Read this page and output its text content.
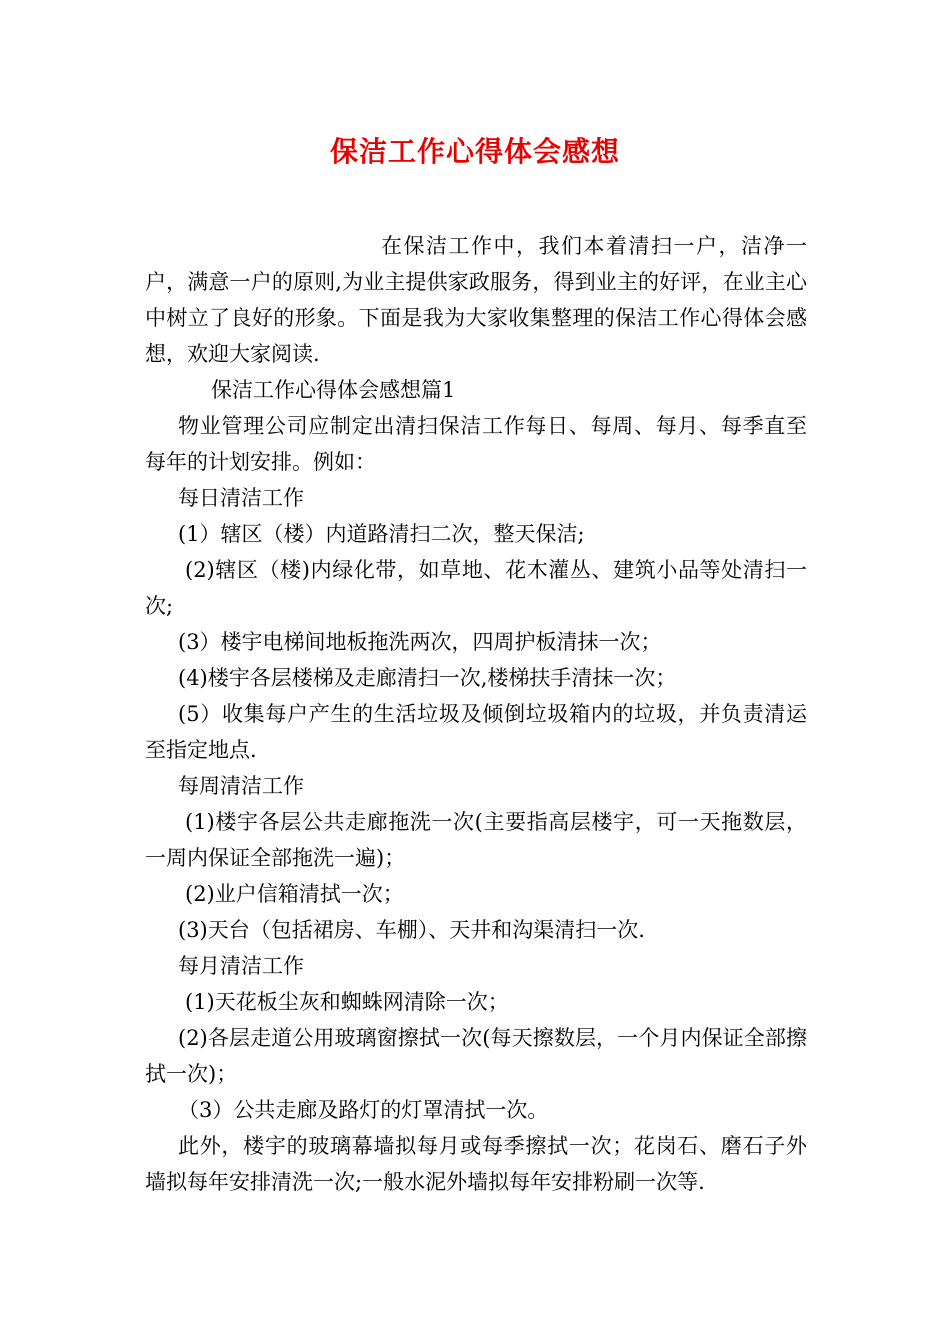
保洁工作心得体会感想

在保洁工作中，我们本着清扫一户，洁净一户，满意一户的原则,为业主提供家政服务，得到业主的好评，在业主心中树立了良好的形象。下面是我为大家收集整理的保洁工作心得体会感想，欢迎大家阅读.

保洁工作心得体会感想篇1

物业管理公司应制定出清扫保洁工作每日、每周、每月、每季直至每年的计划安排。例如：

每日清洁工作

(1）辖区（楼）内道路清扫二次，整天保洁;

(2)辖区（楼)内绿化带，如草地、花木灌丛、建筑小品等处清扫一次;

(3）楼宇电梯间地板拖洗两次，四周护板清抹一次；

(4)楼宇各层楼梯及走廊清扫一次,楼梯扶手清抹一次；

(5）收集每户产生的生活垃圾及倾倒垃圾箱内的垃圾，并负责清运至指定地点.

每周清洁工作

(1)楼宇各层公共走廊拖洗一次(主要指高层楼宇，可一天拖数层，一周内保证全部拖洗一遍)；

(2)业户信箱清拭一次；

(3)天台（包括裙房、车棚）、天井和沟渠清扫一次.

每月清洁工作

(1)天花板尘灰和蜘蛛网清除一次；

(2)各层走道公用玻璃窗擦拭一次(每天擦数层，一个月内保证全部擦拭一次)；

（3）公共走廊及路灯的灯罩清拭一次。

此外，楼宇的玻璃幕墙拟每月或每季擦拭一次；花岗石、磨石子外墙拟每年安排清洗一次;一般水泥外墙拟每年安排粉刷一次等.
